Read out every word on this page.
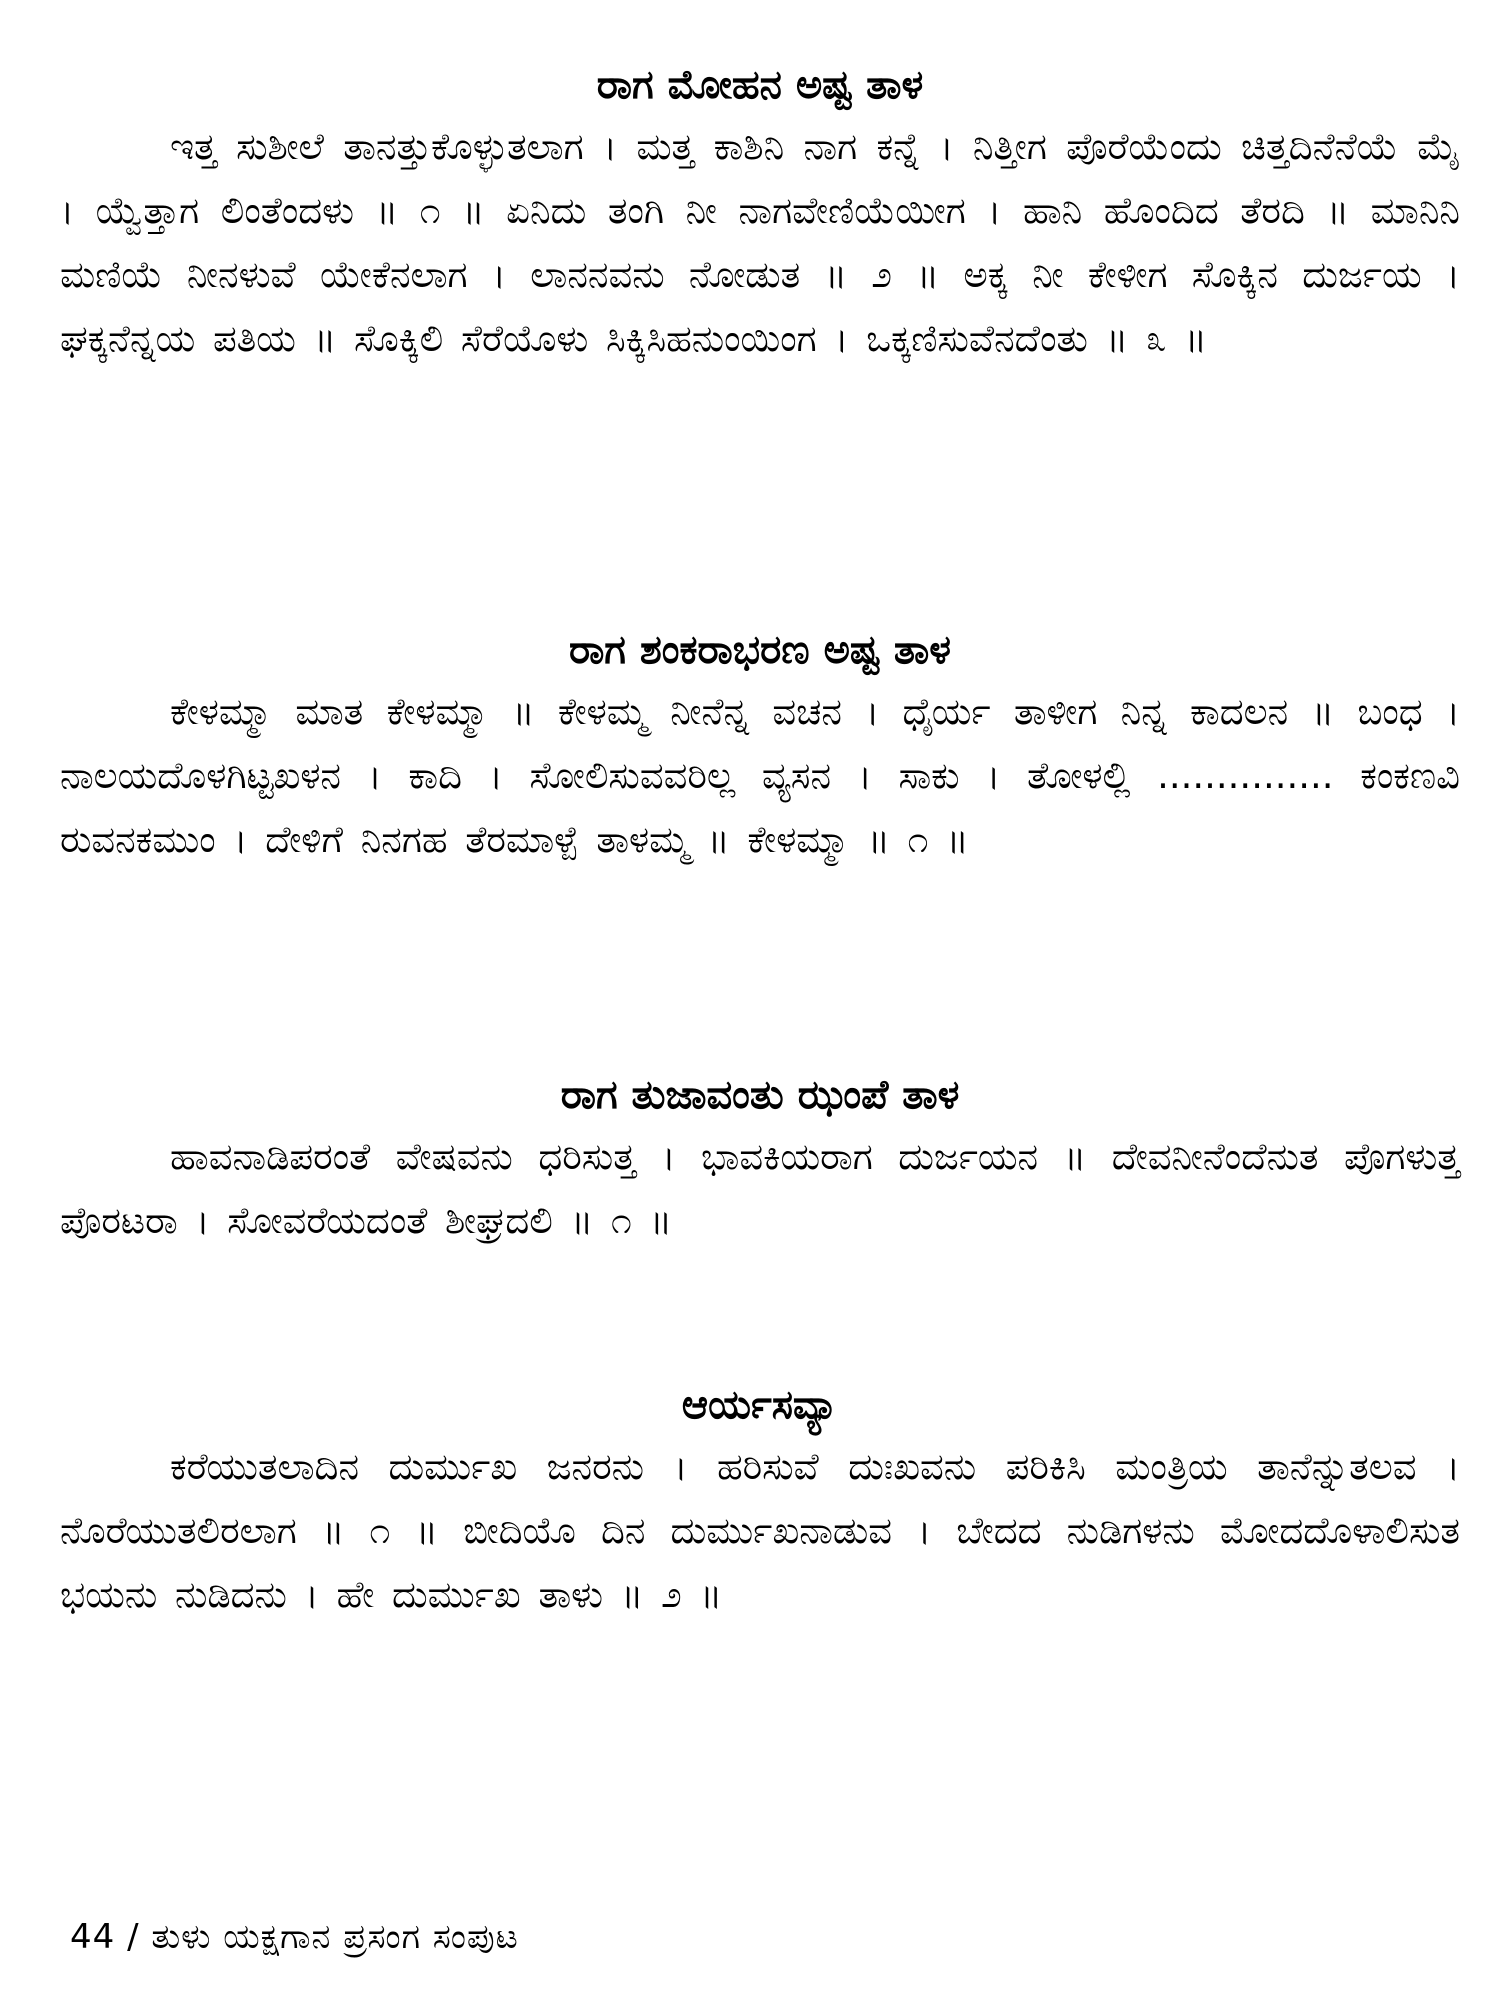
ರಾಗ ಮೋಹನ ಅಷ್ಟ ತಾಳ

ಇತ್ತ ಸುಶೀಲೆ ತಾನತ್ತುಕೊಳ್ಳುತಲಾಗ । ಮತ್ತ ಕಾಶಿನಿ ನಾಗ ಕನ್ನೆ । ನಿತ್ತೀಗ ಪೊರೆಯೆಂದು ಚಿತ್ತದಿನೆನೆಯೆ ಮೈ । ಯ್ವೆತ್ತಾಗ ಲಿಂತೆಂದಳು ॥ ೧ ॥ ಏನಿದು ತಂಗಿ ನೀ ನಾಗವೇಣಿಯೆಯೀಗ । ಹಾನಿ ಹೊಂದಿದ ತೆರದಿ ॥ ಮಾನಿನಿ ಮಣಿಯೆ ನೀನಳುವೆ ಯೇಕೆನಲಾಗ । ಲಾನನವನು ನೋಡುತ ॥ ೨ ॥ ಅಕ್ಕ ನೀ ಕೇಳೀಗ ಸೊಕ್ಕಿನ ದುರ್ಜಯ । ಘಕ್ಕನೆನ್ನಯ ಪತಿಯ ॥ ಸೊಕ್ಕಿಲಿ ಸೆರೆಯೊಳು ಸಿಕ್ಕಿಸಿಹನುಂಯಿಂಗ । ಒಕ್ಕಣಿಸುವೆನದೆಂತು ॥ ೩ ॥

ರಾಗ ಶಂಕರಾಭರಣ ಅಷ್ಟ ತಾಳ

ಕೇಳಮ್ಮಾ ಮಾತ ಕೇಳಮ್ಮಾ ॥ ಕೇಳಮ್ಮ ನೀನೆನ್ನ ವಚನ । ಧೈರ್ಯ ತಾಳೀಗ ನಿನ್ನ ಕಾದಲನ ॥ ಬಂಧ । ನಾಲಯದೊಳಗಿಟ್ಟಖಳನ । ಕಾದಿ । ಸೋಲಿಸುವವರಿಲ್ಲ ವ್ಯಸನ । ಸಾಕು । ತೋಳಲ್ಲಿ ............... ಕಂಕಣವಿ ರುವನಕಮುಂ । ದೇಳಿಗೆ ನಿನಗಹ ತೆರಮಾಳ್ಪೆ ತಾಳಮ್ಮ ॥ ಕೇಳಮ್ಮಾ ॥ ೧ ॥

ರಾಗ ತುಜಾವಂತು ಝಂಪೆ ತಾಳ

ಹಾವನಾಡಿಪರಂತೆ ವೇಷವನು ಧರಿಸುತ್ತ । ಭಾವಕಿಯರಾಗ ದುರ್ಜಯನ ॥ ದೇವನೀನೆಂದೆನುತ ಪೊಗಳುತ್ತ ಪೊರಟರಾ । ಸೋವರೆಯದಂತೆ ಶೀಘ್ರದಲಿ ॥ ೧ ॥

ಆರ್ಯಸವ್ಯಾ

ಕರೆಯುತಲಾದಿನ ದುರ್ಮುಖ ಜನರನು । ಹರಿಸುವೆ ದುಃಖವನು ಪರಿಕಿಸಿ ಮಂತ್ರಿಯ ತಾನೆನ್ನುತಲವ । ನೊರೆಯುತಲಿರಲಾಗ ॥ ೧ ॥ ಬೀದಿಯೊ ದಿನ ದುರ್ಮುಖನಾಡುವ । ಬೇದದ ನುಡಿಗಳನು ಮೋದದೊಳಾಲಿಸುತ ಭಯನು ನುಡಿದನು । ಹೇ ದುರ್ಮುಖ ತಾಳು ॥ ೨ ॥

44 / ತುಳು ಯಕ್ಷಗಾನ ಪ್ರಸಂಗ ಸಂಪುಟ
